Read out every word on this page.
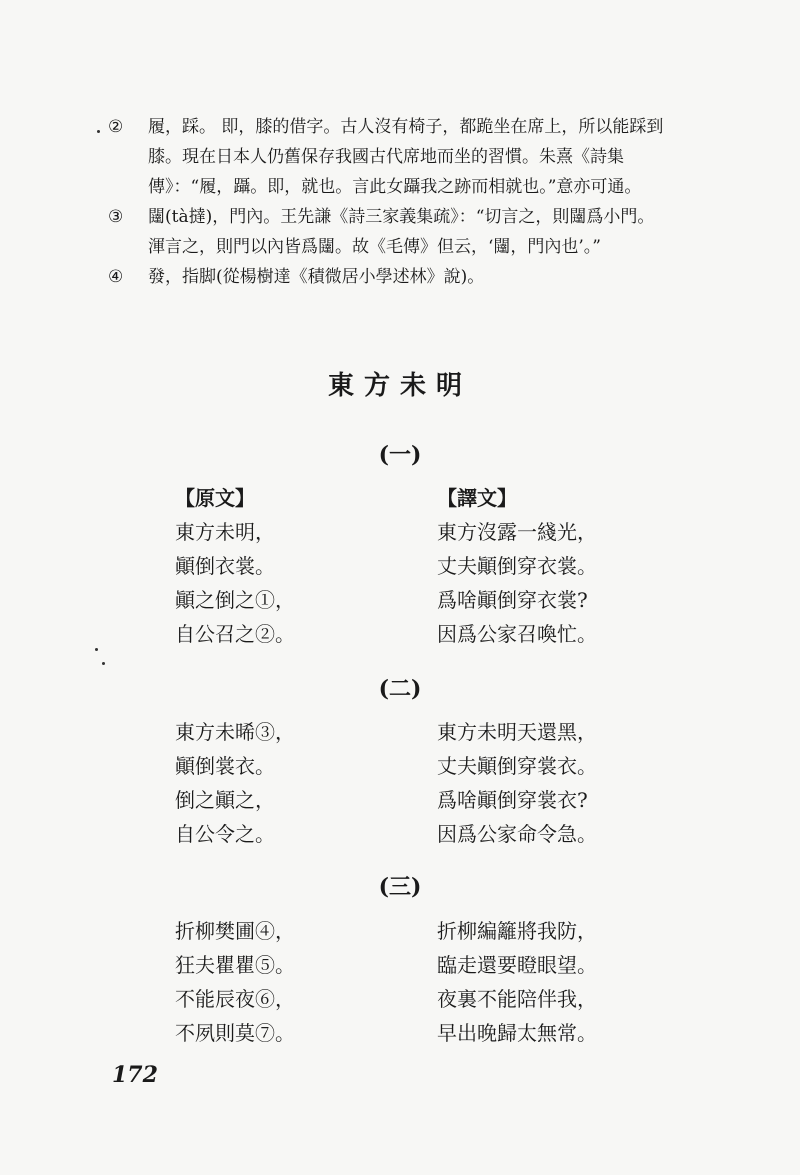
② 履，踩。 即，膝的借字。古人沒有椅子，都跪坐在席上，所以能踩到
膝。現在日本人仍舊保存我國古代席地而坐的習慣。朱熹《詩集
傳》：“履，躡。即，就也。言此女躡我之跡而相就也。”意亦可通。
③ 闥(tà撻)，門內。王先謙《詩三家義集疏》：“切言之，則闥爲小門。
渾言之，則門以內皆爲闥。故《毛傳》但云，‘闥，門內也’。”
④ 發，指脚(從楊樹達《積微居小學述林》說)。
東方未明
(一)
【原文】
東方未明，
顚倒衣裳。
顚之倒之①，
自公召之②。
【譯文】
東方沒露一綫光，
丈夫顚倒穿衣裳。
爲啥顚倒穿衣裳?
因爲公家召喚忙。
(二)
東方未晞③，
顚倒裳衣。
倒之顚之，
自公令之。
東方未明天還黑，
丈夫顚倒穿裳衣。
爲啥顚倒穿裳衣?
因爲公家命令急。
(三)
折柳樊圃④，
狂夫瞿瞿⑤。
不能辰夜⑥，
不夙則莫⑦。
折柳編籬將我防，
臨走還要瞪眼望。
夜裏不能陪伴我，
早出晚歸太無常。
172
